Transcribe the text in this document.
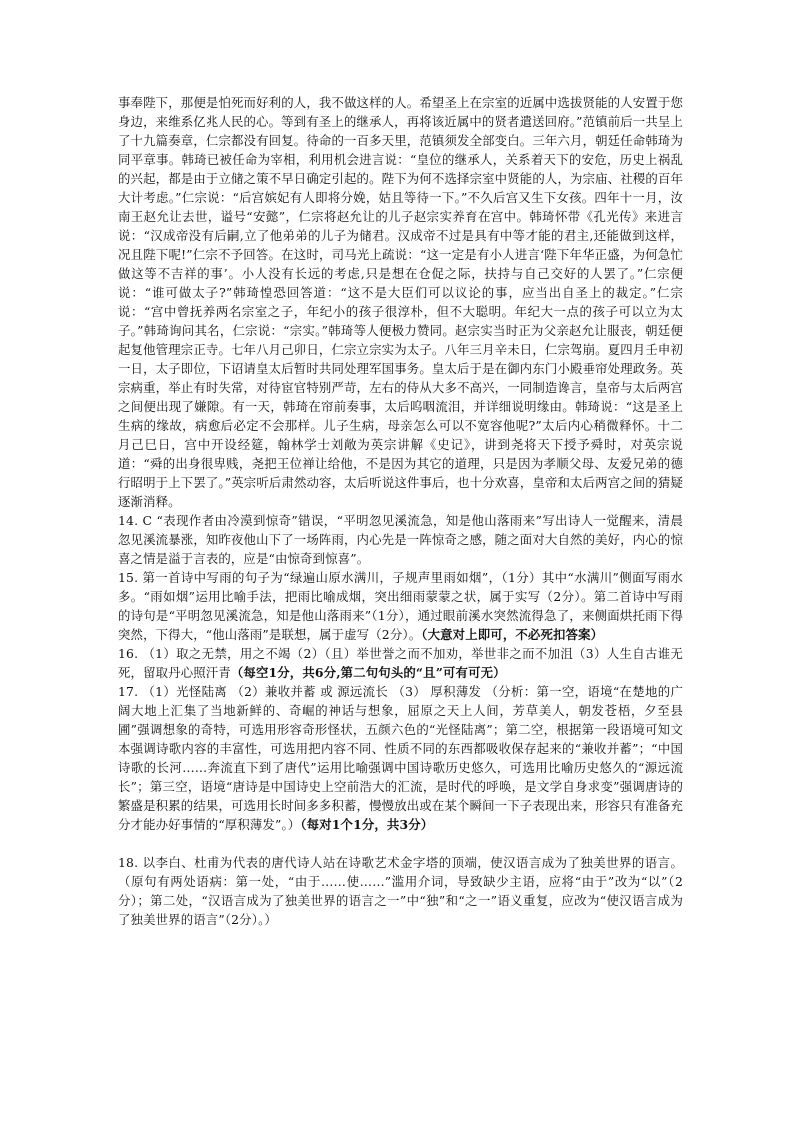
事奉陛下，那便是怕死而好利的人，我不做这样的人。希望圣上在宗室的近属中选拔贤能的人安置于您身边，来维系亿兆人民的心。等到有圣上的继承人，再将该近属中的贤者遣送回府。”范镇前后一共呈上了十九篇奏章，仁宗都没有回复。待命的一百多天里，范镇须发全部变白。三年六月，朝廷任命韩琦为同平章事。韩琦已被任命为宰相，利用机会进言说：“皇位的继承人，关系着天下的安危，历史上祸乱的兴起，都是由于立储之策不早日确定引起的。陛下为何不选择宗室中贤能的人，为宗庙、社稷的百年大计考虑。”仁宗说：“后宫嫔妃有人即将分娩，姑且等待一下。”不久后宫又生下女孩。四年十一月，汝南王赵允让去世，谥号“安懿”，仁宗将赵允让的儿子赵宗实养育在宫中。韩琦怀带《孔光传》来进言说：“汉成帝没有后嗣,立了他弟弟的儿子为储君。汉成帝不过是具有中等才能的君主,还能做到这样，况且陛下呢!”仁宗不予回答。在这时，司马光上疏说：“这一定是有小人进言‘陛下年华正盛，为何急忙做这等不吉祥的事’。小人没有长远的考虑,只是想在仓促之际，扶持与自己交好的人罢了。”仁宗便说：“谁可做太子?”韩琦惶恐回答道：“这不是大臣们可以议论的事，应当出自圣上的裁定。”仁宗说：“宫中曾抚养两名宗室之子，年纪小的孩子很淳朴，但不大聪明。年纪大一点的孩子可以立为太子。”韩琦询问其名，仁宗说：“宗实。”韩琦等人便极力赞同。赵宗实当时正为父亲赵允让服丧，朝廷便起复他管理宗正寺。七年八月己卯日，仁宗立宗实为太子。八年三月辛未日，仁宗驾崩。夏四月壬申初一日，太子即位，下诏请皇太后暂时共同处理军国事务。皇太后于是在御内东门小殿垂帘处理政务。英宗病重，举止有时失常，对待宦官特别严苛，左右的侍从大多不高兴，一同制造谗言，皇帝与太后两宫之间便出现了嫌隙。有一天，韩琦在帘前奏事，太后呜咽流泪，并详细说明缘由。韩琦说：“这是圣上生病的缘故，病愈后必定不会那样。儿子生病，母亲怎么可以不宽容他呢?”太后内心稍微释怀。十二月己巳日，宫中开设经筵，翰林学士刘敞为英宗讲解《史记》，讲到尧将天下授予舜时，对英宗说道：“舜的出身很卑贱，尧把王位禅让给他，不是因为其它的道理，只是因为孝顺父母、友爱兄弟的德行昭明于上下罢了。”英宗听后肃然动容，太后听说这件事后，也十分欢喜，皇帝和太后两宫之间的猜疑逐渐消释。

14. C “表现作者由冷漠到惊奇”错误，“平明忽见溪流急，知是他山落雨来”写出诗人一觉醒来，清晨忽见溪流暴涨，知昨夜他山下了一场阵雨，内心先是一阵惊奇之感，随之面对大自然的美好，内心的惊喜之情是溢于言表的，应是“由惊奇到惊喜”。

15. 第一首诗中写雨的句子为“绿遍山原水满川，子规声里雨如烟”，（1分）其中“水满川”侧面写雨水多。“雨如烟”运用比喻手法，把雨比喻成烟，突出细雨蒙蒙之状，属于实写（2分）。第二首诗中写雨的诗句是“平明忽见溪流急，知是他山落雨来”（1分），通过眼前溪水突然流得急了，来侧面烘托雨下得突然，下得大，“他山落雨”是联想，属于虚写（2分）。（大意对上即可，不必死扣答案）

16. （1）取之无禁，用之不竭（2）（且）举世誉之而不加劝，举世非之而不加沮（3）人生自古谁无死，留取丹心照汗青（每空1分，共6分,第二句句头的“且”可有可无）

17. （1）光怪陆离 （2）兼收并蓄 或 源远流长 （3） 厚积薄发 （分析：第一空，语境“在楚地的广阔大地上汇集了当地新鲜的、奇崛的神话与想象，屈原之天上人间，芳草美人，朝发苍梧，夕至县圃”强调想象的奇特，可选用形容奇形怪状，五颜六色的“光怪陆离”；第二空，根据第一段语境可知文本强调诗歌内容的丰富性，可选用把内容不同、性质不同的东西都吸收保存起来的“兼收并蓄”；“中国诗歌的长河……奔流直下到了唐代”运用比喻强调中国诗歌历史悠久，可选用比喻历史悠久的“源远流长”；第三空，语境“唐诗是中国诗史上空前浩大的汇流，是时代的呼唤，是文学自身求变”强调唐诗的繁盛是积累的结果，可选用长时间多多积蓄，慢慢放出或在某个瞬间一下子表现出来，形容只有准备充分才能办好事情的“厚积薄发”。）（每对1个1分，共3分）

18. 以李白、杜甫为代表的唐代诗人站在诗歌艺术金字塔的顶端，使汉语言成为了独美世界的语言。（原句有两处语病：第一处，“由于……使……”滥用介词，导致缺少主语，应将“由于”改为“以”（2分）；第二处，“汉语言成为了独美世界的语言之一”中“独”和“之一”语义重复，应改为“使汉语言成为了独美世界的语言”（2分）。）
